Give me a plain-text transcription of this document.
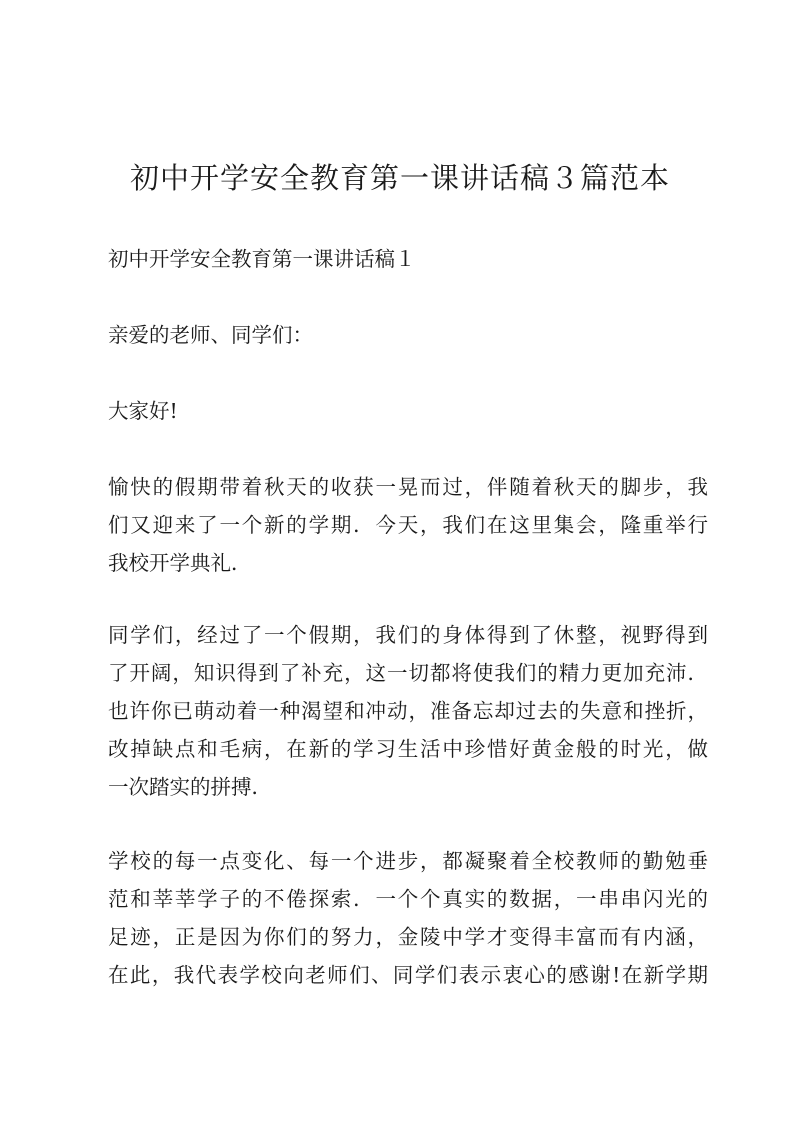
初中开学安全教育第一课讲话稿３篇范本
初中开学安全教育第一课讲话稿１
亲爱的老师、同学们：
大家好!
愉快的假期带着秋天的收获一晃而过，伴随着秋天的脚步，我
们又迎来了一个新的学期．今天，我们在这里集会，隆重举行
我校开学典礼．
同学们，经过了一个假期，我们的身体得到了休整，视野得到
了开阔，知识得到了补充，这一切都将使我们的精力更加充沛．
也许你已萌动着一种渴望和冲动，准备忘却过去的失意和挫折，
改掉缺点和毛病，在新的学习生活中珍惜好黄金般的时光，做
一次踏实的拼搏．
学校的每一点变化、每一个进步，都凝聚着全校教师的勤勉垂
范和莘莘学子的不倦探索．一个个真实的数据，一串串闪光的
足迹，正是因为你们的努力，金陵中学才变得丰富而有内涵，
在此，我代表学校向老师们、同学们表示衷心的感谢!在新学期
